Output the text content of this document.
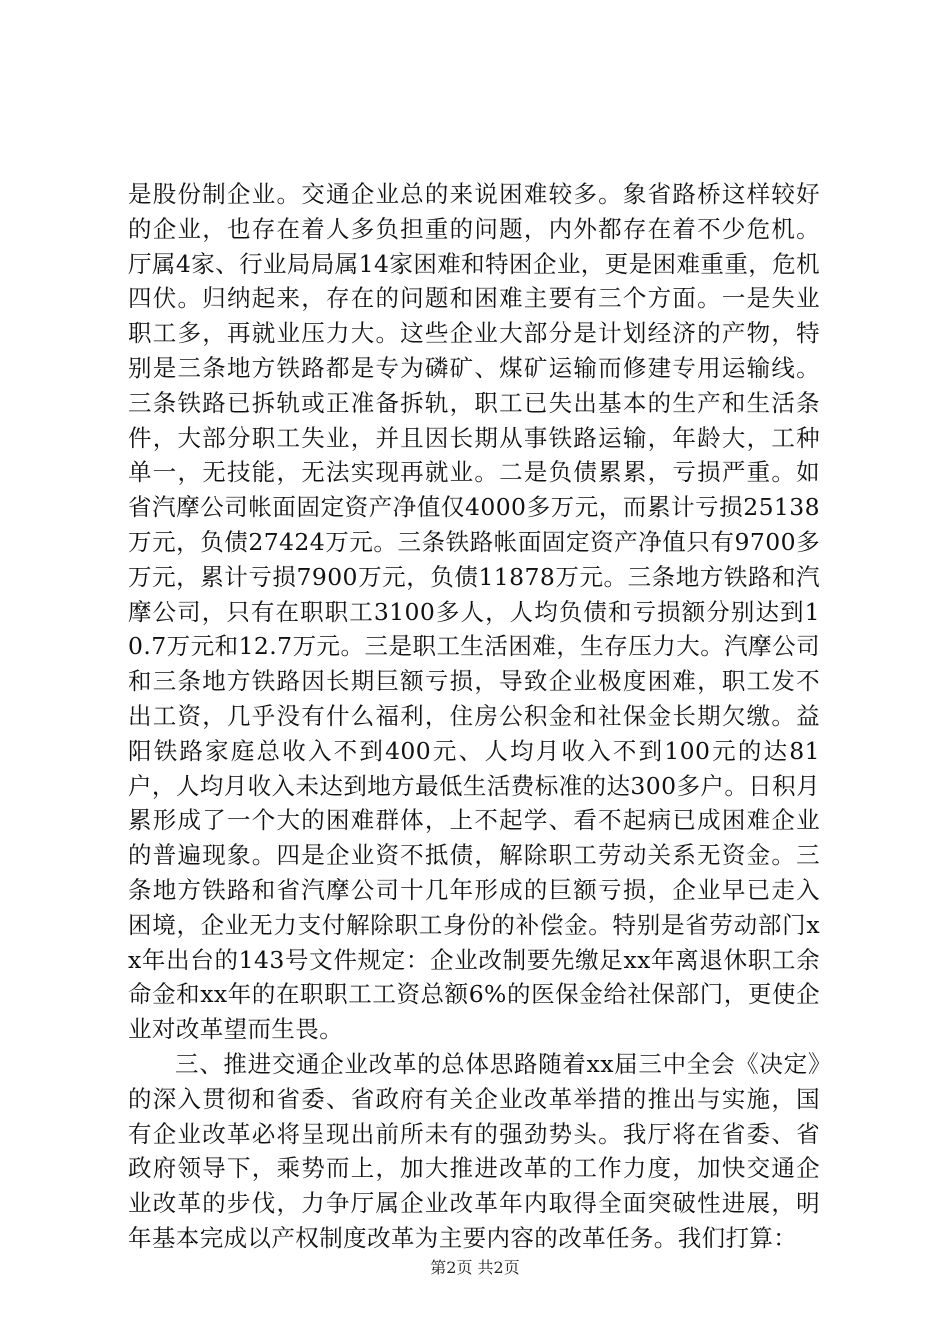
是股份制企业。交通企业总的来说困难较多。象省路桥这样较好的企业，也存在着人多负担重的问题，内外都存在着不少危机。厅属4家、行业局局属14家困难和特困企业，更是困难重重，危机四伏。归纳起来，存在的问题和困难主要有三个方面。一是失业职工多，再就业压力大。这些企业大部分是计划经济的产物，特别是三条地方铁路都是专为磷矿、煤矿运输而修建专用运输线。三条铁路已拆轨或正准备拆轨，职工已失出基本的生产和生活条件，大部分职工失业，并且因长期从事铁路运输，年龄大，工种单一，无技能，无法实现再就业。二是负债累累，亏损严重。如省汽摩公司帐面固定资产净值仅4000多万元，而累计亏损25138万元，负债27424万元。三条铁路帐面固定资产净值只有9700多万元，累计亏损7900万元，负债11878万元。三条地方铁路和汽摩公司，只有在职职工3100多人，人均负债和亏损额分别达到10.7万元和12.7万元。三是职工生活困难，生存压力大。汽摩公司和三条地方铁路因长期巨额亏损，导致企业极度困难，职工发不出工资，几乎没有什么福利，住房公积金和社保金长期欠缴。益阳铁路家庭总收入不到400元、人均月收入不到100元的达81户，人均月收入未达到地方最低生活费标准的达300多户。日积月累形成了一个大的困难群体，上不起学、看不起病已成困难企业的普遍现象。四是企业资不抵债，解除职工劳动关系无资金。三条地方铁路和省汽摩公司十几年形成的巨额亏损，企业早已走入困境，企业无力支付解除职工身份的补偿金。特别是省劳动部门xx年出台的143号文件规定：企业改制要先缴足xx年离退休职工余命金和xx年的在职职工工资总额6%的医保金给社保部门，更使企业对改革望而生畏。

三、推进交通企业改革的总体思路随着xx届三中全会《决定》的深入贯彻和省委、省政府有关企业改革举措的推出与实施，国有企业改革必将呈现出前所未有的强劲势头。我厅将在省委、省政府领导下，乘势而上，加大推进改革的工作力度，加快交通企业改革的步伐，力争厅属企业改革年内取得全面突破性进展，明年基本完成以产权制度改革为主要内容的改革任务。我们打算：

第2页 共2页
